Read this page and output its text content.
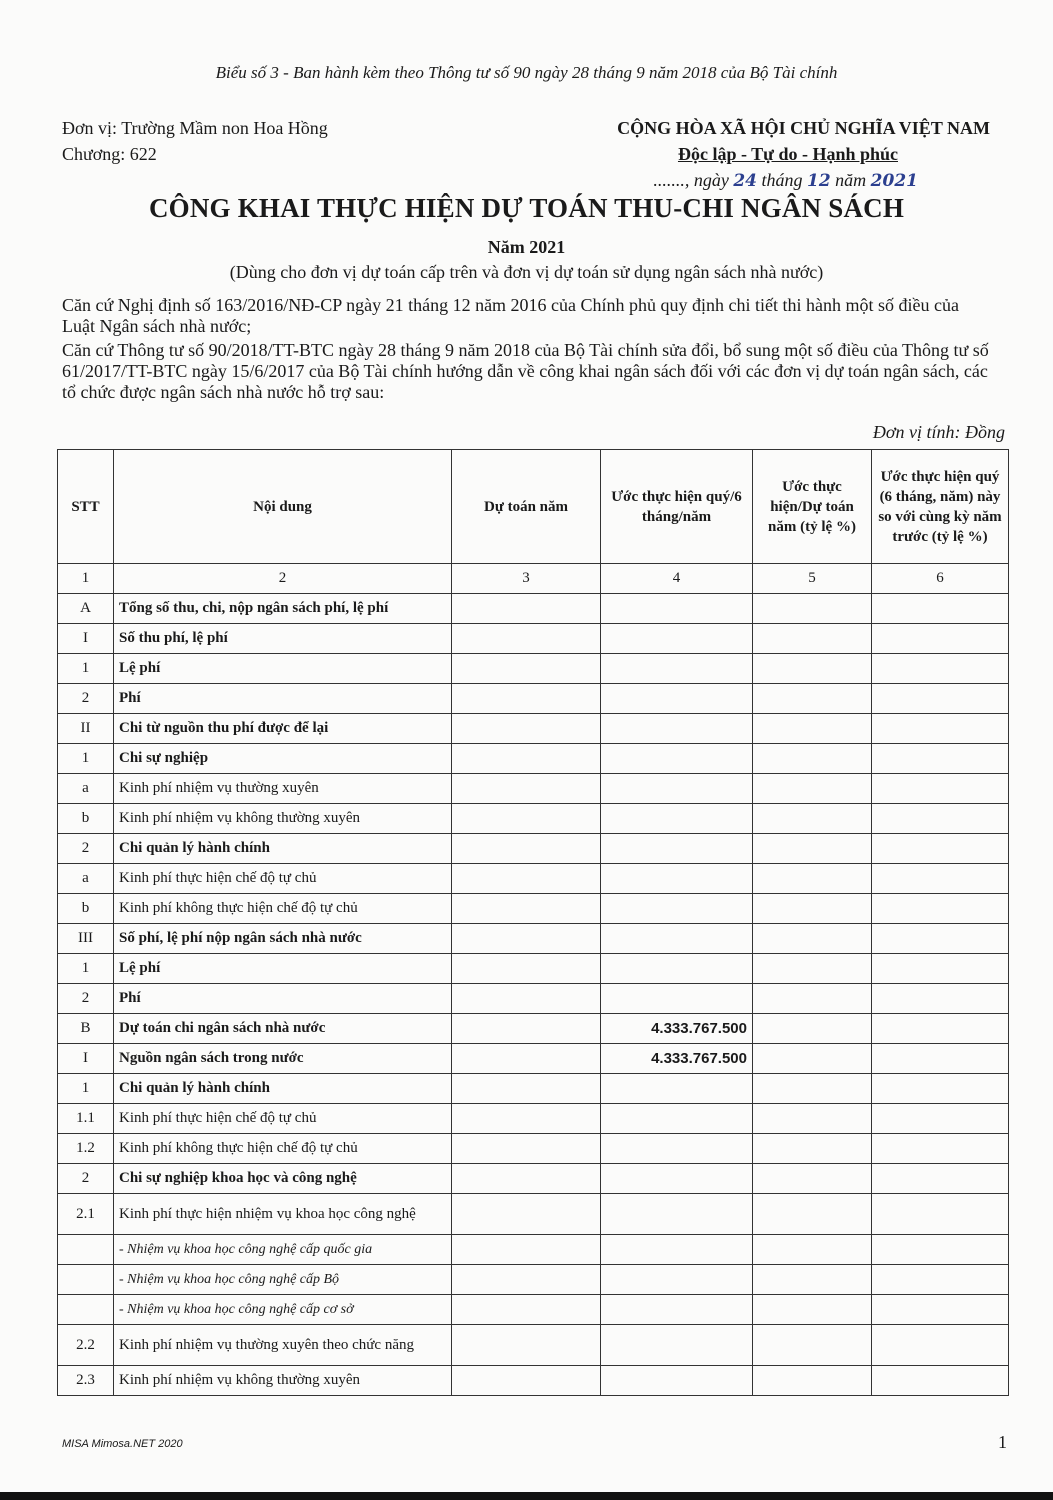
Biểu số 3 - Ban hành kèm theo Thông tư số 90 ngày 28 tháng 9 năm 2018 của Bộ Tài chính
Đơn vị: Trường Mầm non Hoa Hồng
Chương: 622
CỘNG HÒA XÃ HỘI CHỦ NGHĨA VIỆT NAM
Độc lập - Tự do - Hạnh phúc
......., ngày 24 tháng 12 năm 2021
CÔNG KHAI THỰC HIỆN DỰ TOÁN THU-CHI NGÂN SÁCH
Năm 2021
(Dùng cho đơn vị dự toán cấp trên và đơn vị dự toán sử dụng ngân sách nhà nước)
Căn cứ Nghị định số 163/2016/NĐ-CP ngày 21 tháng 12 năm 2016 của Chính phủ quy định chi tiết thi hành một số điều của Luật Ngân sách nhà nước;
Căn cứ Thông tư số 90/2018/TT-BTC ngày 28 tháng 9 năm 2018 của Bộ Tài chính sửa đổi, bổ sung một số điều của Thông tư số 61/2017/TT-BTC ngày 15/6/2017 của Bộ Tài chính hướng dẫn về công khai ngân sách đối với các đơn vị dự toán ngân sách, các tổ chức được ngân sách nhà nước hỗ trợ sau:
Đơn vị tính: Đồng
STT	Nội dung	Dự toán năm	Ước thực hiện quý/6 tháng/năm	Ước thực hiện/Dự toán năm (tỷ lệ %)	Ước thực hiện quý (6 tháng, năm) này so với cùng kỳ năm trước (tỷ lệ %)
1	2	3	4	5	6
A	Tổng số thu, chi, nộp ngân sách phí, lệ phí				
I	Số thu phí, lệ phí				
1	Lệ phí				
2	Phí				
II	Chi từ nguồn thu phí được để lại				
1	Chi sự nghiệp				
a	Kinh phí nhiệm vụ thường xuyên				
b	Kinh phí nhiệm vụ không thường xuyên				
2	Chi quản lý hành chính				
a	Kinh phí thực hiện chế độ tự chủ				
b	Kinh phí không thực hiện chế độ tự chủ				
III	Số phí, lệ phí nộp ngân sách nhà nước				
1	Lệ phí				
2	Phí				
B	Dự toán chi ngân sách nhà nước		4.333.767.500		
I	Nguồn ngân sách trong nước		4.333.767.500		
1	Chi quản lý hành chính				
1.1	Kinh phí thực hiện chế độ tự chủ				
1.2	Kinh phí không thực hiện chế độ tự chủ				
2	Chi sự nghiệp khoa học và công nghệ				
2.1	Kinh phí thực hiện nhiệm vụ khoa học công nghệ				
	- Nhiệm vụ khoa học công nghệ cấp quốc gia				
	- Nhiệm vụ khoa học công nghệ cấp Bộ				
	- Nhiệm vụ khoa học công nghệ cấp cơ sở				
2.2	Kinh phí nhiệm vụ thường xuyên theo chức năng				
2.3	Kinh phí nhiệm vụ không thường xuyên				
MISA Mimosa.NET 2020	1
